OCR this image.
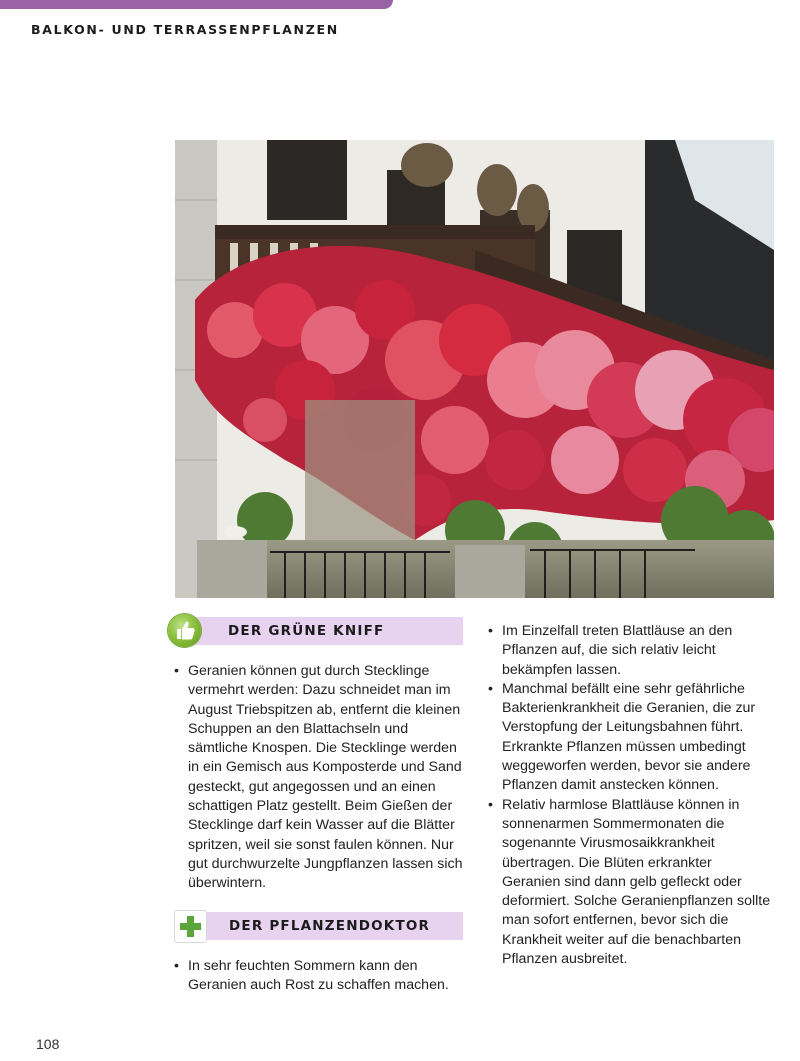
BALKON- UND TERRASSENPFLANZEN
DER GRÜNE KNIFF

• Geranien können gut durch Stecklinge vermehrt werden: Dazu schneidet man im August Triebspitzen ab, entfernt die kleinen Schuppen an den Blattachseln und sämtliche Knospen. Die Stecklinge werden in ein Gemisch aus Komposterde und Sand gesteckt, gut angegossen und an einen schattigen Platz gestellt. Beim Gießen der Stecklinge darf kein Wasser auf die Blätter spritzen, weil sie sonst faulen können. Nur gut durchwurzelte Jungpflanzen lassen sich überwintern.

DER PFLANZENDOKTOR

• In sehr feuchten Sommern kann den Geranien auch Rost zu schaffen machen.

• Im Einzelfall treten Blattläuse an den Pflanzen auf, die sich relativ leicht bekämpfen lassen.

• Manchmal befällt eine sehr gefährliche Bakterienkrankheit die Geranien, die zur Verstopfung der Leitungsbahnen führt. Erkrankte Pflanzen müssen umbedingt weggeworfen werden, bevor sie andere Pflanzen damit anstecken können.

• Relativ harmlose Blattläuse können in sonnenarmen Sommermonaten die sogenannte Virusmosaikkrankheit übertragen. Die Blüten erkrankter Geranien sind dann gelb gefleckt oder deformiert. Solche Geranienpflanzen sollte man sofort entfernen, bevor sich die Krankheit weiter auf die benachbarten Pflanzen ausbreitet.

108
